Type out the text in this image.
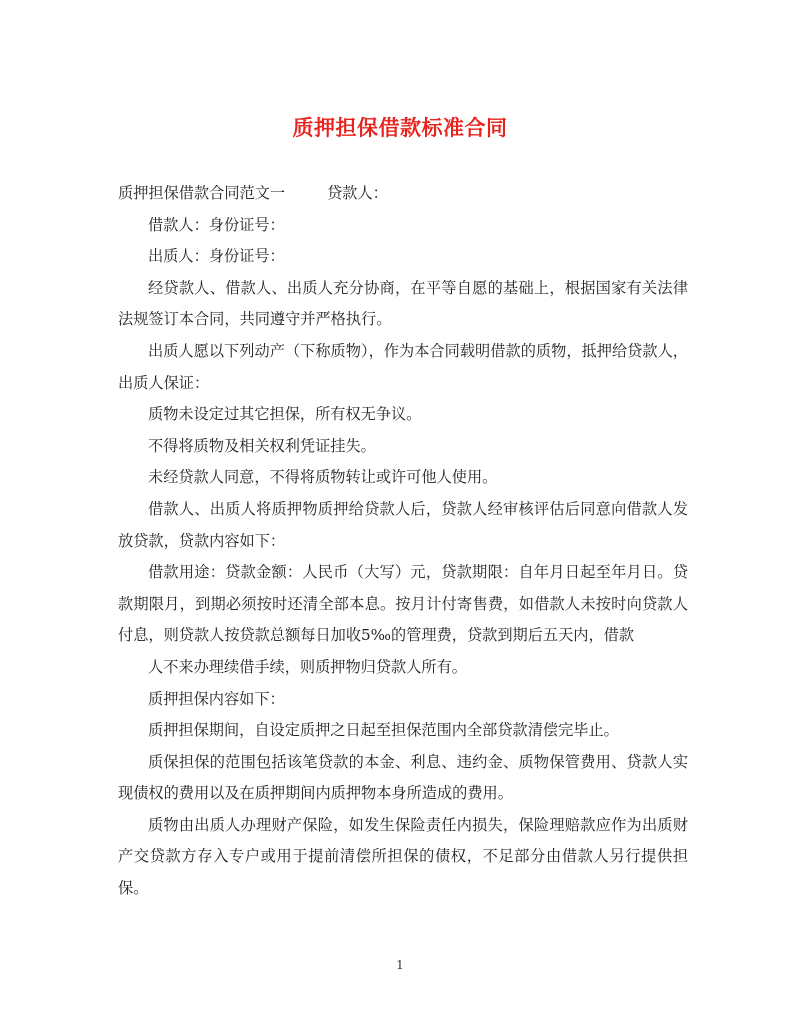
质押担保借款标准合同

质押担保借款合同范文一	贷款人：

借款人：身份证号：

出质人：身份证号：

经贷款人、借款人、出质人充分协商，在平等自愿的基础上，根据国家有关法律法规签订本合同，共同遵守并严格执行。

出质人愿以下列动产（下称质物），作为本合同载明借款的质物，抵押给贷款人，出质人保证：

质物未设定过其它担保，所有权无争议。

不得将质物及相关权利凭证挂失。

未经贷款人同意，不得将质物转让或许可他人使用。

借款人、出质人将质押物质押给贷款人后，贷款人经审核评估后同意向借款人发放贷款，贷款内容如下：

借款用途：贷款金额：人民币（大写）元，贷款期限：自年月日起至年月日。贷款期限月，到期必须按时还清全部本息。按月计付寄售费，如借款人未按时向贷款人付息，则贷款人按贷款总额每日加收5‰的管理费，贷款到期后五天内，借款

人不来办理续借手续，则质押物归贷款人所有。

质押担保内容如下：

质押担保期间，自设定质押之日起至担保范围内全部贷款清偿完毕止。

质保担保的范围包括该笔贷款的本金、利息、违约金、质物保管费用、贷款人实现债权的费用以及在质押期间内质押物本身所造成的费用。

质物由出质人办理财产保险，如发生保险责任内损失，保险理赔款应作为出质财产交贷款方存入专户或用于提前清偿所担保的债权，不足部分由借款人另行提供担保。

1
